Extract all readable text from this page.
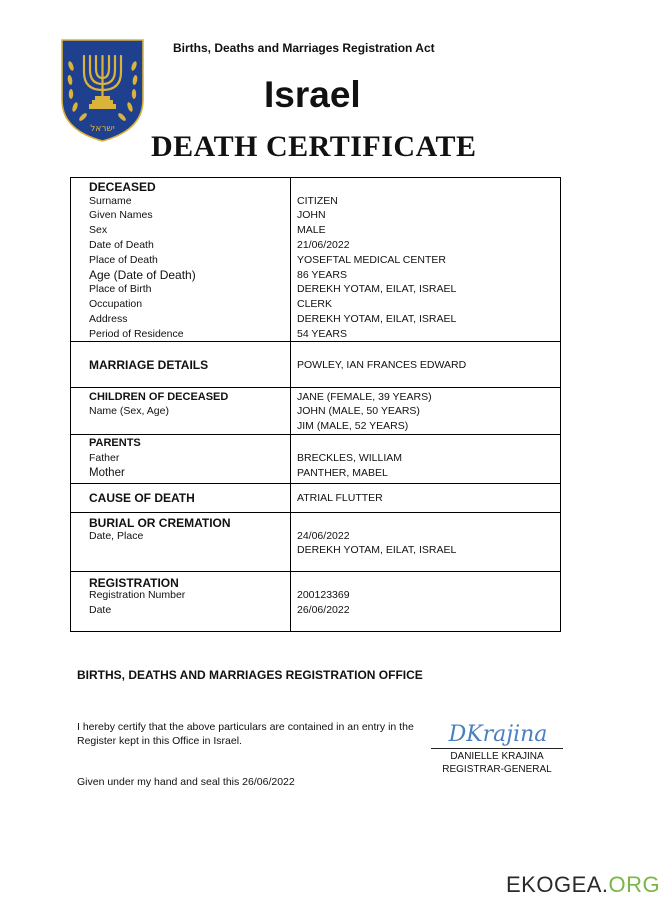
ישראל
Births, Deaths and Marriages Registration Act
Israel
DEATH CERTIFICATE
DECEASED
Surname	CITIZEN
Given Names	JOHN
Sex	MALE
Date of Death	21/06/2022
Place of Death	YOSEFTAL MEDICAL CENTER
Age (Date of Death)	86 YEARS
Place of Birth	DEREKH YOTAM, EILAT, ISRAEL
Occupation	CLERK
Address	DEREKH YOTAM, EILAT, ISRAEL
Period of Residence	54 YEARS
MARRIAGE DETAILS	POWLEY, IAN FRANCES EDWARD
CHILDREN OF DECEASED
Name (Sex, Age)
JANE (FEMALE, 39 YEARS)
JOHN (MALE, 50 YEARS)
JIM (MALE, 52 YEARS)
PARENTS
Father	BRECKLES, WILLIAM
Mother	PANTHER, MABEL
CAUSE OF DEATH	ATRIAL FLUTTER
BURIAL OR CREMATION
Date, Place	24/06/2022
DEREKH YOTAM, EILAT, ISRAEL
REGISTRATION
Registration Number	200123369
Date	26/06/2022
BIRTHS, DEATHS AND MARRIAGES REGISTRATION OFFICE
I hereby certify that the above particulars are contained in an entry in the Register kept in this Office in Israel.	DKrajina
DANIELLE KRAJINA
REGISTRAR-GENERAL
Given under my hand and seal this 26/06/2022
EKOGEA.ORG
